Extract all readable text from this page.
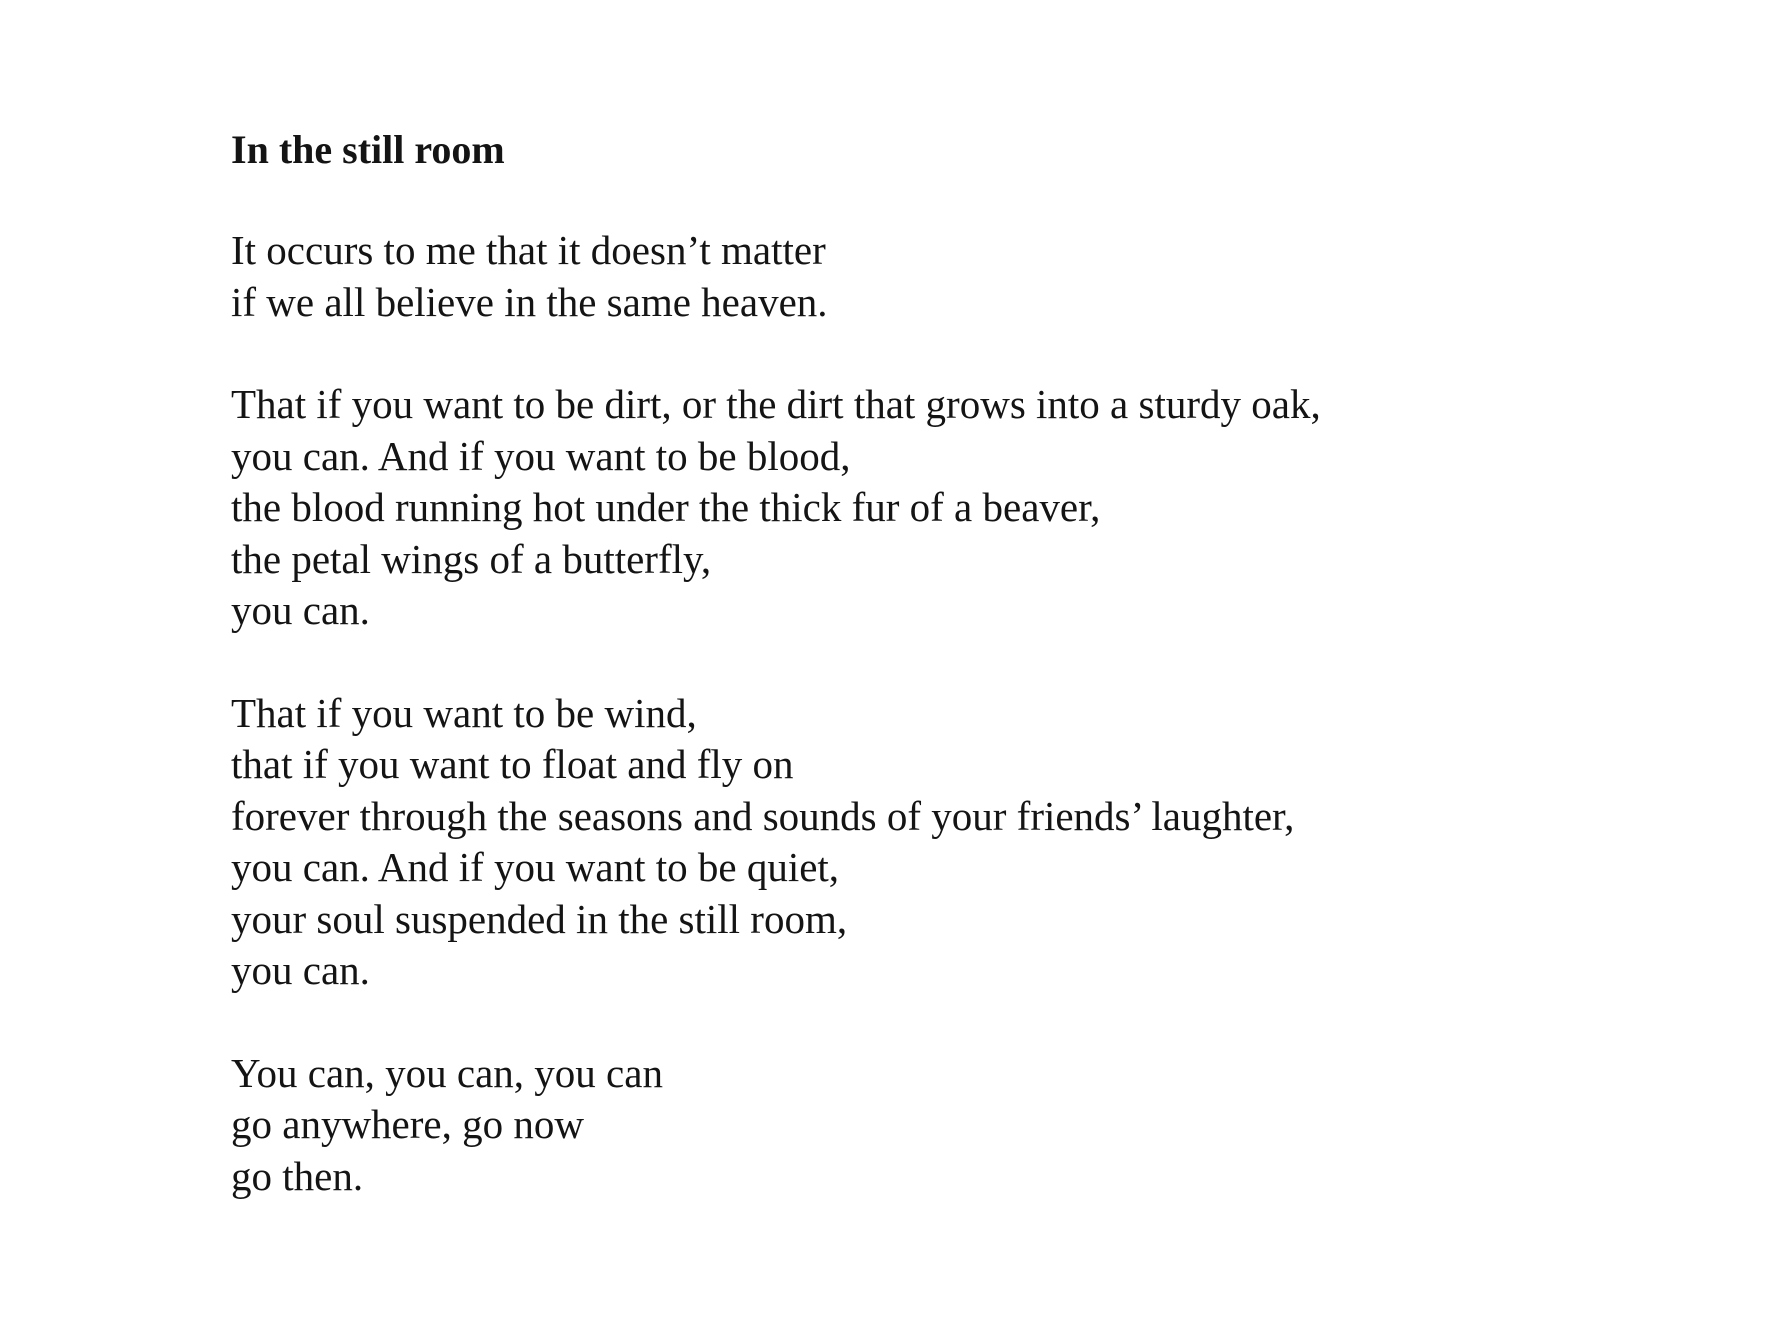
In the still room
It occurs to me that it doesn’t matter
if we all believe in the same heaven.
That if you want to be dirt, or the dirt that grows into a sturdy oak,
you can. And if you want to be blood,
the blood running hot under the thick fur of a beaver,
the petal wings of a butterfly,
you can.
That if you want to be wind,
that if you want to float and fly on
forever through the seasons and sounds of your friends’ laughter,
you can. And if you want to be quiet,
your soul suspended in the still room,
you can.
You can, you can, you can
go anywhere, go now
go then.
